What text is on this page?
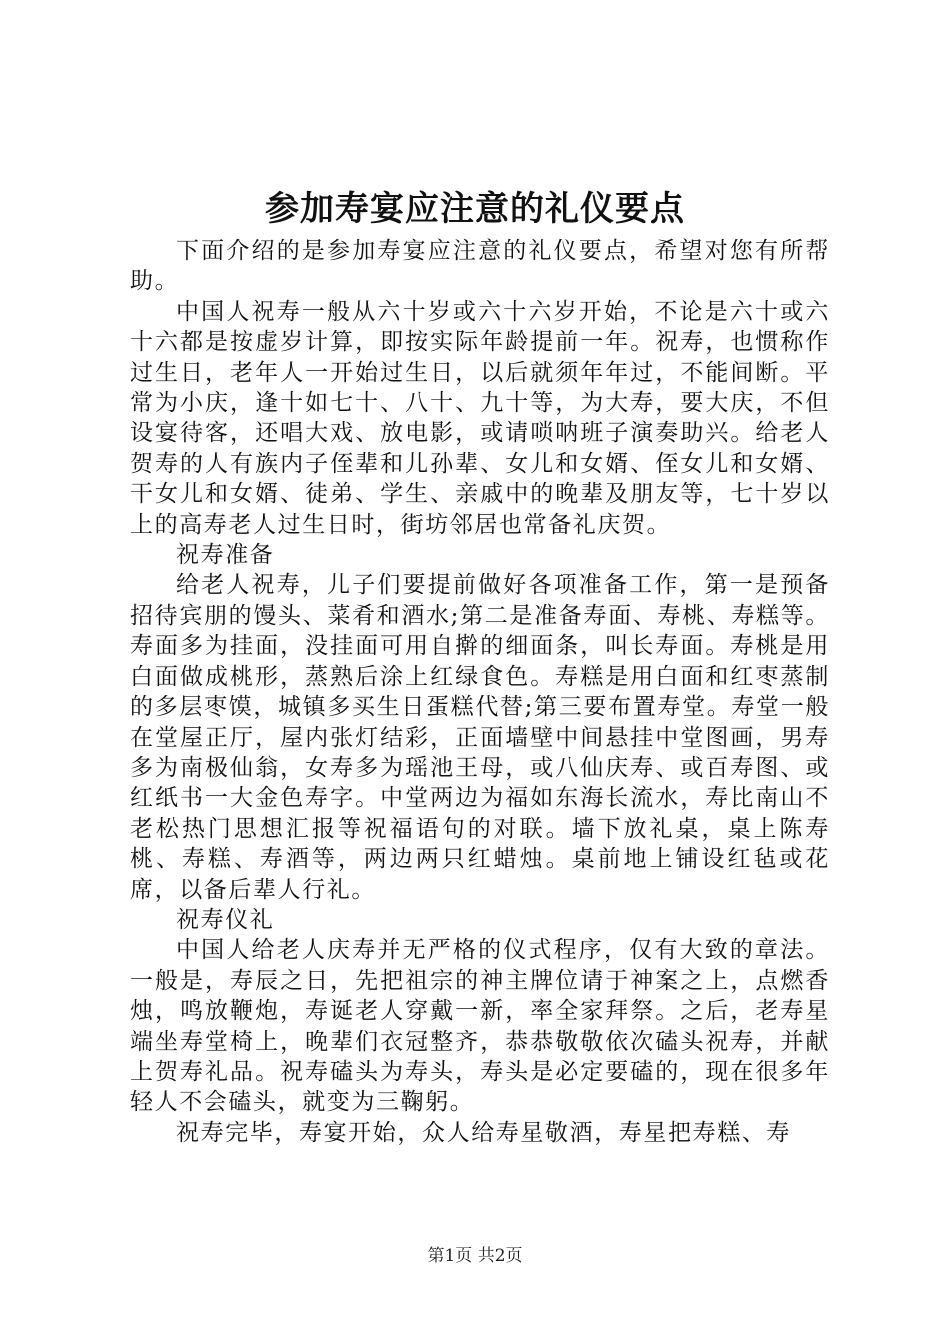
参加寿宴应注意的礼仪要点

下面介绍的是参加寿宴应注意的礼仪要点，希望对您有所帮助。

中国人祝寿一般从六十岁或六十六岁开始，不论是六十或六十六都是按虚岁计算，即按实际年龄提前一年。祝寿，也惯称作过生日，老年人一开始过生日，以后就须年年过，不能间断。平常为小庆，逢十如七十、八十、九十等，为大寿，要大庆，不但设宴待客，还唱大戏、放电影，或请唢呐班子演奏助兴。给老人贺寿的人有族内子侄辈和儿孙辈、女儿和女婿、侄女儿和女婿、干女儿和女婿、徒弟、学生、亲戚中的晚辈及朋友等，七十岁以上的高寿老人过生日时，街坊邻居也常备礼庆贺。

祝寿准备

给老人祝寿，儿子们要提前做好各项准备工作，第一是预备招待宾朋的馒头、菜肴和酒水;第二是准备寿面、寿桃、寿糕等。寿面多为挂面，没挂面可用自擀的细面条，叫长寿面。寿桃是用白面做成桃形，蒸熟后涂上红绿食色。寿糕是用白面和红枣蒸制的多层枣馍，城镇多买生日蛋糕代替;第三要布置寿堂。寿堂一般在堂屋正厅，屋内张灯结彩，正面墙壁中间悬挂中堂图画，男寿多为南极仙翁，女寿多为瑶池王母，或八仙庆寿、或百寿图、或红纸书一大金色寿字。中堂两边为福如东海长流水，寿比南山不老松热门思想汇报等祝福语句的对联。墙下放礼桌，桌上陈寿桃、寿糕、寿酒等，两边两只红蜡烛。桌前地上铺设红毡或花席，以备后辈人行礼。

祝寿仪礼

中国人给老人庆寿并无严格的仪式程序，仅有大致的章法。一般是，寿辰之日，先把祖宗的神主牌位请于神案之上，点燃香烛，鸣放鞭炮，寿诞老人穿戴一新，率全家拜祭。之后，老寿星端坐寿堂椅上，晚辈们衣冠整齐，恭恭敬敬依次磕头祝寿，并献上贺寿礼品。祝寿磕头为寿头，寿头是必定要磕的，现在很多年轻人不会磕头，就变为三鞠躬。

祝寿完毕，寿宴开始，众人给寿星敬酒，寿星把寿糕、寿

第1页 共2页
